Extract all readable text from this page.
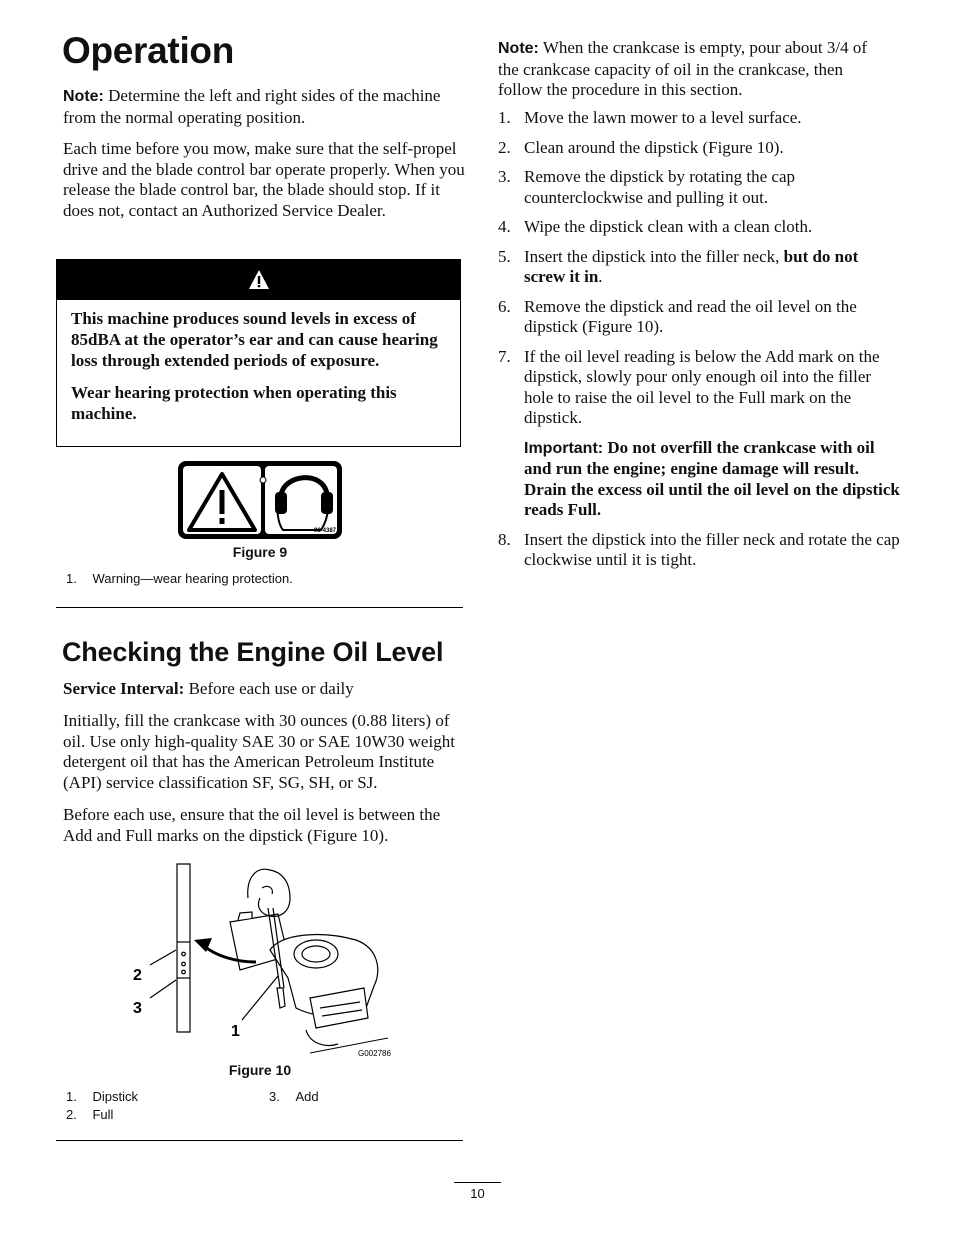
Operation

Note: Determine the left and right sides of the machine from the normal operating position.

Each time before you mow, make sure that the self-propel drive and the blade control bar operate properly. When you release the blade control bar, the blade should stop. If it does not, contact an Authorized Service Dealer.

This machine produces sound levels in excess of 85dBA at the operator’s ear and can cause hearing loss through extended periods of exposure.

Wear hearing protection when operating this machine.

98-4387
Figure 9
1. Warning—wear hearing protection.
Checking the Engine Oil Level

Service Interval: Before each use or daily

Initially, fill the crankcase with 30 ounces (0.88 liters) of oil. Use only high-quality SAE 30 or SAE 10W30 weight detergent oil that has the American Petroleum Institute (API) service classification SF, SG, SH, or SJ.

Before each use, ensure that the oil level is between the Add and Full marks on the dipstick (Figure 10).

2
3
1
G002786
Figure 10
1. Dipstick
2. Full
3. Add

Note: When the crankcase is empty, pour about 3/4 of the crankcase capacity of oil in the crankcase, then follow the procedure in this section.

1. Move the lawn mower to a level surface.
2. Clean around the dipstick (Figure 10).
3. Remove the dipstick by rotating the cap counterclockwise and pulling it out.
4. Wipe the dipstick clean with a clean cloth.
5. Insert the dipstick into the filler neck, but do not screw it in.
6. Remove the dipstick and read the oil level on the dipstick (Figure 10).
7. If the oil level reading is below the Add mark on the dipstick, slowly pour only enough oil into the filler hole to raise the oil level to the Full mark on the dipstick.

Important: Do not overfill the crankcase with oil and run the engine; engine damage will result. Drain the excess oil until the oil level on the dipstick reads Full.

8. Insert the dipstick into the filler neck and rotate the cap clockwise until it is tight.
10
